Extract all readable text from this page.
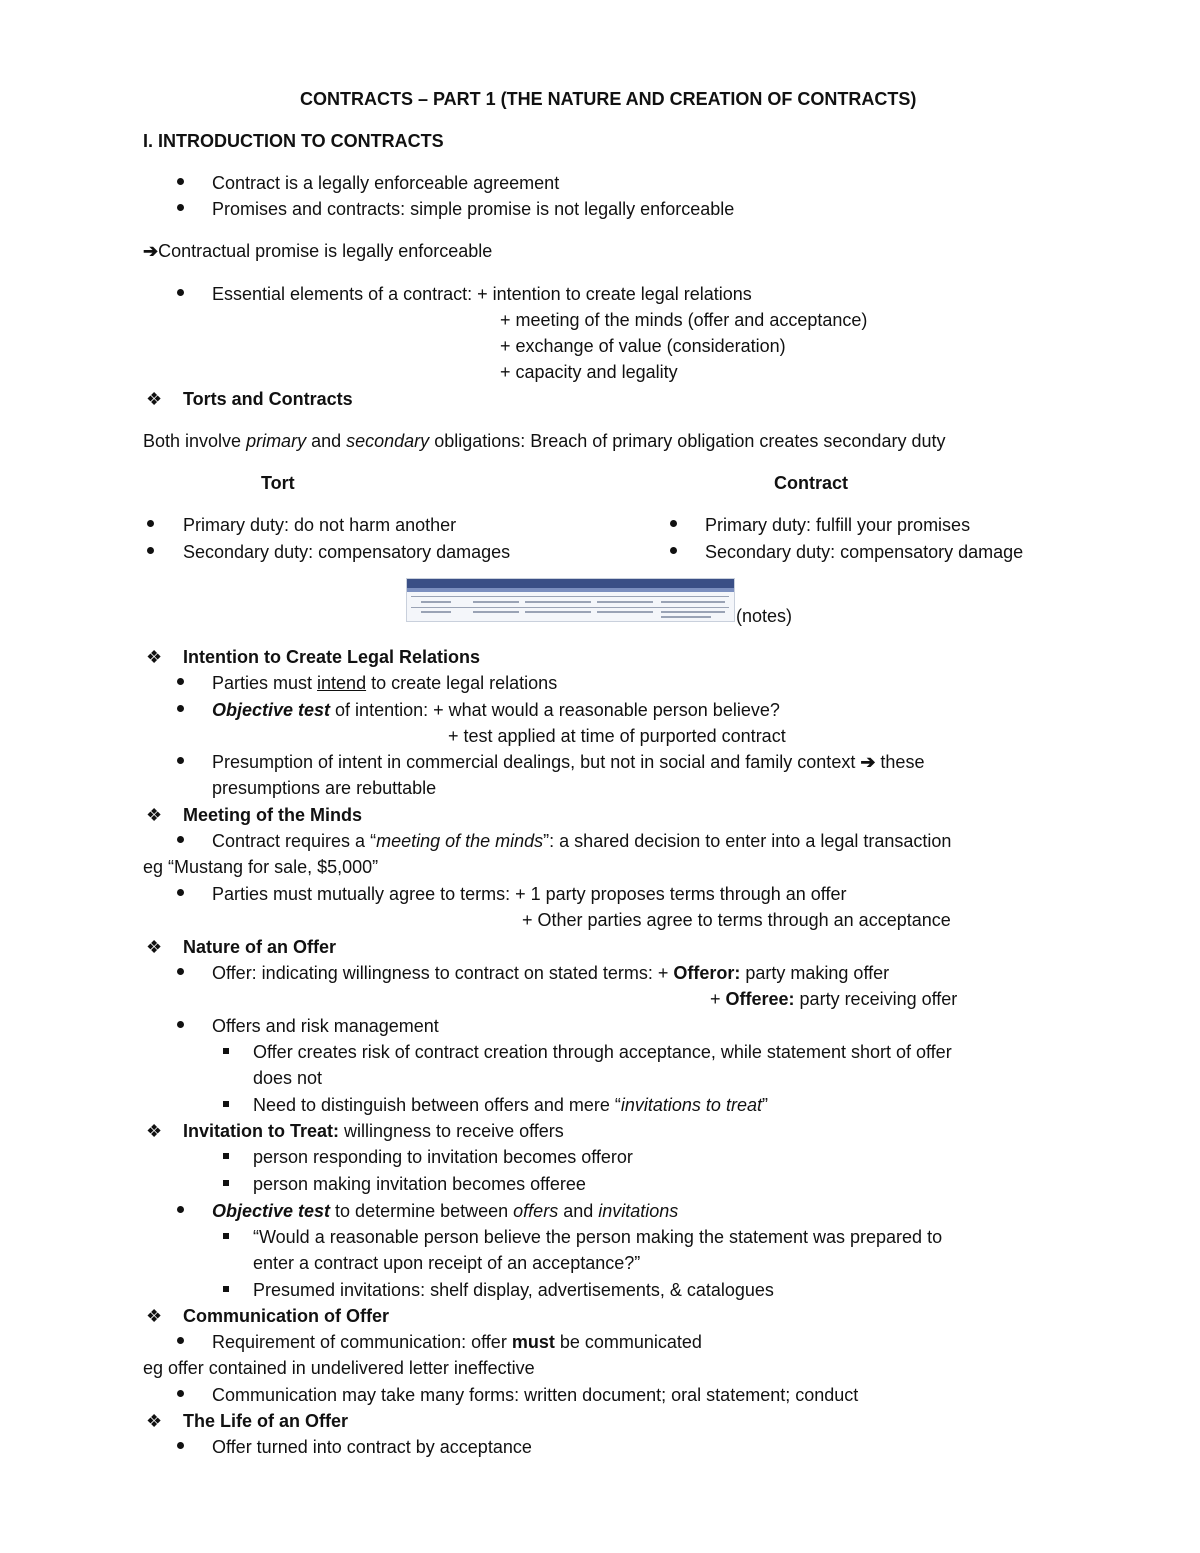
CONTRACTS – PART 1 (THE NATURE AND CREATION OF CONTRACTS)
I. INTRODUCTION TO CONTRACTS
Contract is a legally enforceable agreement
Promises and contracts: simple promise is not legally enforceable
➔Contractual promise is legally enforceable
Essential elements of a contract: + intention to create legal relations
+ meeting of the minds (offer and acceptance)
+ exchange of value (consideration)
+ capacity and legality
❖ Torts and Contracts
Both involve primary and secondary obligations: Breach of primary obligation creates secondary duty
Tort	Contract
Primary duty: do not harm another
Secondary duty: compensatory damages
Primary duty: fulfill your promises
Secondary duty: compensatory damage
(notes)
❖ Intention to Create Legal Relations
Parties must intend to create legal relations
Objective test of intention: + what would a reasonable person believe?
+ test applied at time of purported contract
Presumption of intent in commercial dealings, but not in social and family context ➔ these
presumptions are rebuttable
❖ Meeting of the Minds
Contract requires a “meeting of the minds”: a shared decision to enter into a legal transaction
eg “Mustang for sale, $5,000”
Parties must mutually agree to terms: + 1 party proposes terms through an offer
+ Other parties agree to terms through an acceptance
❖ Nature of an Offer
Offer: indicating willingness to contract on stated terms: + Offeror: party making offer
+ Offeree: party receiving offer
Offers and risk management
Offer creates risk of contract creation through acceptance, while statement short of offer
does not
Need to distinguish between offers and mere “invitations to treat”
❖ Invitation to Treat: willingness to receive offers
person responding to invitation becomes offeror
person making invitation becomes offeree
Objective test to determine between offers and invitations
“Would a reasonable person believe the person making the statement was prepared to
enter a contract upon receipt of an acceptance?”
Presumed invitations: shelf display, advertisements, & catalogues
❖ Communication of Offer
Requirement of communication: offer must be communicated
eg offer contained in undelivered letter ineffective
Communication may take many forms: written document; oral statement; conduct
❖ The Life of an Offer
Offer turned into contract by acceptance
